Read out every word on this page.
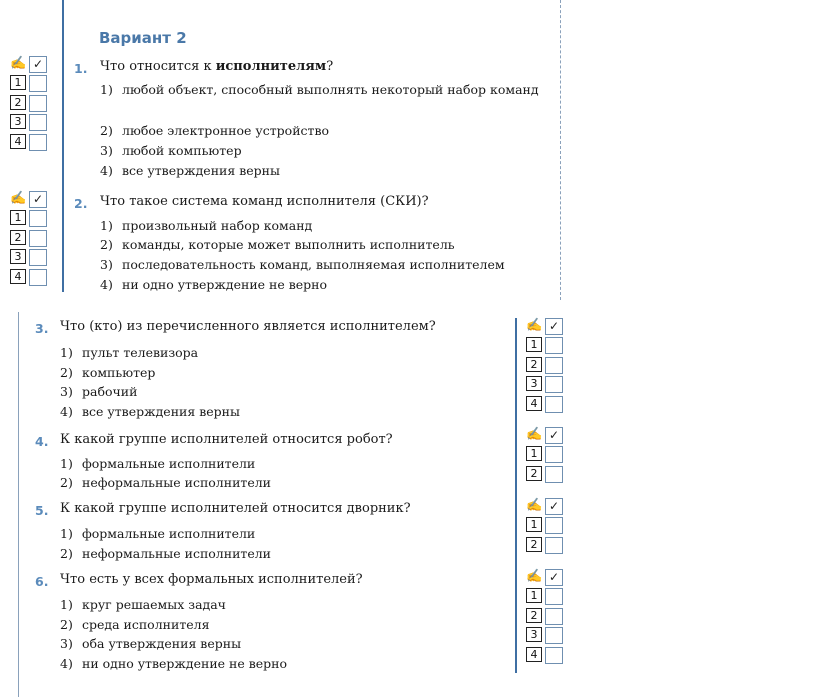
Вариант 2
✍ ✓
1
2
3
4
1. Что относится к исполнителям?
1) любой объект, способный выполнять некоторый набор команд
2) любое электронное устройство
3) любой компьютер
4) все утверждения верны
✍ ✓
1
2
3
4
2. Что такое система команд исполнителя (СКИ)?
1) произвольный набор команд
2) команды, которые может выполнить исполнитель
3) последовательность команд, выполняемая исполнителем
4) ни одно утверждение не верно
3. Что (кто) из перечисленного является исполнителем?
1) пульт телевизора
2) компьютер
3) рабочий
4) все утверждения верны
✍ ✓
1
2
3
4
4. К какой группе исполнителей относится робот?
1) формальные исполнители
2) неформальные исполнители
✍ ✓
1
2
5. К какой группе исполнителей относится дворник?
1) формальные исполнители
2) неформальные исполнители
✍ ✓
1
2
6. Что есть у всех формальных исполнителей?
1) круг решаемых задач
2) среда исполнителя
3) оба утверждения верны
4) ни одно утверждение не верно
✍ ✓
1
2
3
4
